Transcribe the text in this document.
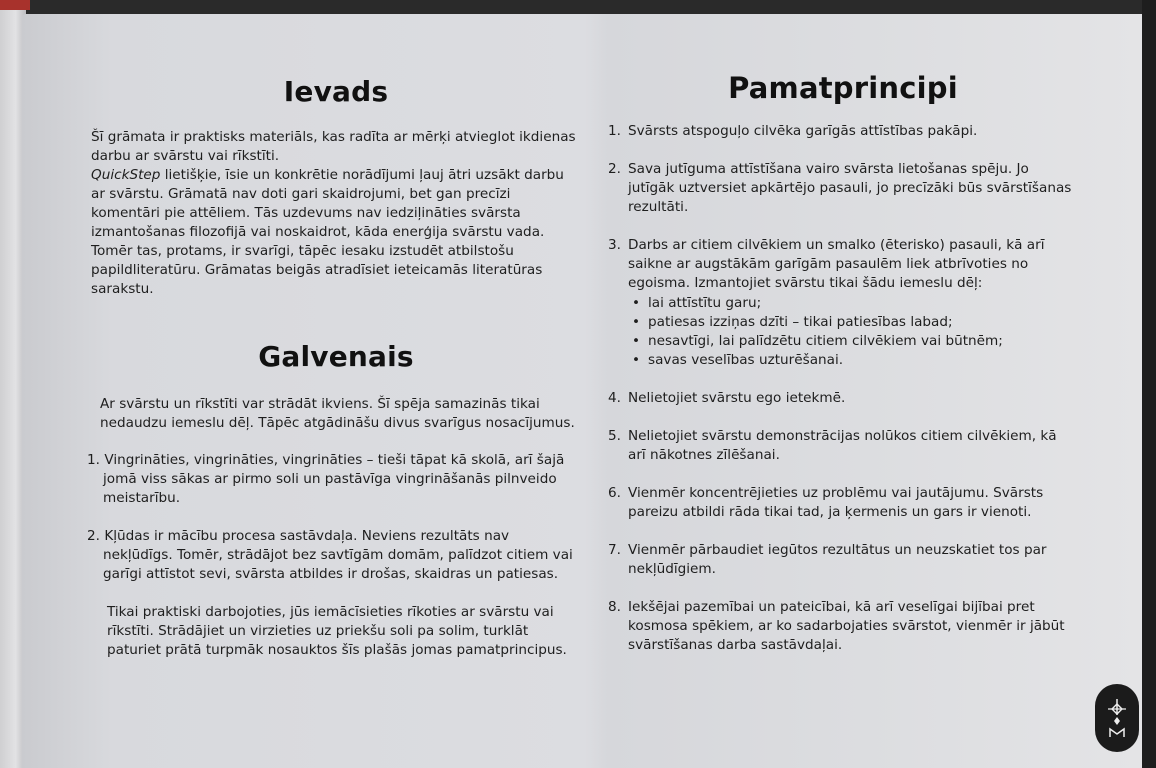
Ievads

Šī grāmata ir praktisks materiāls, kas radīta ar mērķi atvieglot ikdienas darbu ar svārstu vai rīkstīti.

QuickStep lietišķie, īsie un konkrētie norādījumi ļauj ātri uzsākt darbu ar svārstu. Grāmatā nav doti gari skaidrojumi, bet gan precīzi komentāri pie attēliem. Tās uzdevums nav iedziļināties svārsta izmantošanas filozofijā vai noskaidrot, kāda enerģija svārstu vada. Tomēr tas, protams, ir svarīgi, tāpēc iesaku izstudēt atbilstošu papildliteratūru. Grāmatas beigās atradīsiet ieteicamās literatūras sarakstu.

Galvenais

Ar svārstu un rīkstīti var strādāt ikviens. Šī spēja samazinās tikai nedaudzu iemeslu dēļ. Tāpēc atgādināšu divus svarīgus nosacījumus.

1. Vingrināties, vingrināties, vingrināties – tieši tāpat kā skolā, arī šajā jomā viss sākas ar pirmo soli un pastāvīga vingrināšanās pilnveido meistarību.
2. Kļūdas ir mācību procesa sastāvdaļa. Neviens rezultāts nav nekļūdīgs. Tomēr, strādājot bez savtīgām domām, palīdzot citiem vai garīgi attīstot sevi, svārsta atbildes ir drošas, skaidras un patiesas.

Tikai praktiski darbojoties, jūs iemācīsieties rīkoties ar svārstu vai rīkstīti. Strādājiet un virzieties uz priekšu soli pa solim, turklāt paturiet prātā turpmāk nosauktos šīs plašās jomas pamatprincipus.

Pamatprincipi
1. Svārsts atspoguļo cilvēka garīgās attīstības pakāpi.
2. Sava jutīguma attīstīšana vairo svārsta lietošanas spēju. Jo jutīgāk uztversiet apkārtējo pasauli, jo precīzāki būs svārstīšanas rezultāti.
3. Darbs ar citiem cilvēkiem un smalko (ēterisko) pasauli, kā arī saikne ar augstākām garīgām pasaulēm liek atbrīvoties no egoisma. Izmantojiet svārstu tikai šādu iemeslu dēļ:
• lai attīstītu garu;
• patiesas izziņas dzīti – tikai patiesības labad;
• nesavtīgi, lai palīdzētu citiem cilvēkiem vai būtnēm;
• savas veselības uzturēšanai.
4. Nelietojiet svārstu ego ietekmē.
5. Nelietojiet svārstu demonstrācijas nolūkos citiem cilvēkiem, kā arī nākotnes zīlēšanai.
6. Vienmēr koncentrējieties uz problēmu vai jautājumu. Svārsts pareizu atbildi rāda tikai tad, ja ķermenis un gars ir vienoti.
7. Vienmēr pārbaudiet iegūtos rezultātus un neuzskatiet tos par nekļūdīgiem.
8. Iekšējai pazemībai un pateicībai, kā arī veselīgai bijībai pret kosmosa spēkiem, ar ko sadarbojaties svārstot, vienmēr ir jābūt svārstīšanas darba sastāvdaļai.
